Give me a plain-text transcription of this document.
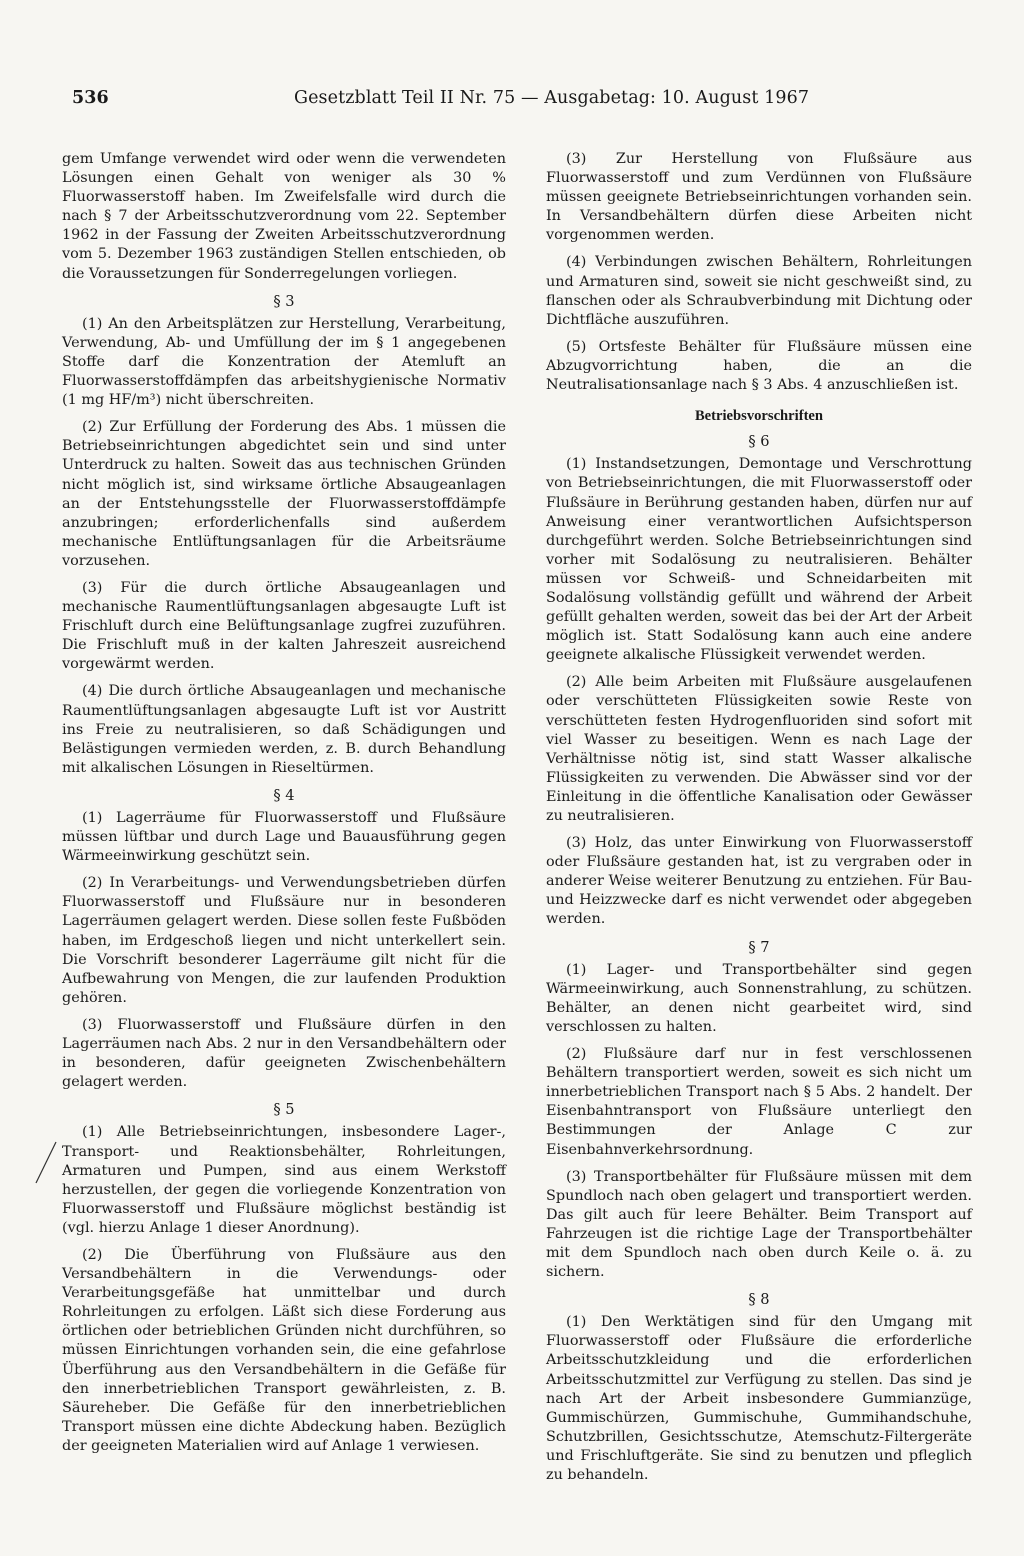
536	Gesetzblatt Teil II Nr. 75 — Ausgabetag: 10. August 1967

gem Umfange verwendet wird oder wenn die verwendeten Lösungen einen Gehalt von weniger als 30 % Fluorwasserstoff haben. Im Zweifelsfalle wird durch die nach § 7 der Arbeitsschutzverordnung vom 22. September 1962 in der Fassung der Zweiten Arbeitsschutzverordnung vom 5. Dezember 1963 zuständigen Stellen entschieden, ob die Voraussetzungen für Sonderregelungen vorliegen.

§ 3

(1) An den Arbeitsplätzen zur Herstellung, Verarbeitung, Verwendung, Ab- und Umfüllung der im § 1 angegebenen Stoffe darf die Konzentration der Atemluft an Fluorwasserstoffdämpfen das arbeitshygienische Normativ (1 mg HF/m³) nicht überschreiten.

(2) Zur Erfüllung der Forderung des Abs. 1 müssen die Betriebseinrichtungen abgedichtet sein und sind unter Unterdruck zu halten. Soweit das aus technischen Gründen nicht möglich ist, sind wirksame örtliche Absaugeanlagen an der Entstehungsstelle der Fluorwasserstoffdämpfe anzubringen; erforderlichenfalls sind außerdem mechanische Entlüftungsanlagen für die Arbeitsräume vorzusehen.

(3) Für die durch örtliche Absaugeanlagen und mechanische Raumentlüftungsanlagen abgesaugte Luft ist Frischluft durch eine Belüftungsanlage zugfrei zuzuführen. Die Frischluft muß in der kalten Jahreszeit ausreichend vorgewärmt werden.

(4) Die durch örtliche Absaugeanlagen und mechanische Raumentlüftungsanlagen abgesaugte Luft ist vor Austritt ins Freie zu neutralisieren, so daß Schädigungen und Belästigungen vermieden werden, z. B. durch Behandlung mit alkalischen Lösungen in Rieseltürmen.

§ 4

(1) Lagerräume für Fluorwasserstoff und Flußsäure müssen lüftbar und durch Lage und Bauausführung gegen Wärmeeinwirkung geschützt sein.

(2) In Verarbeitungs- und Verwendungsbetrieben dürfen Fluorwasserstoff und Flußsäure nur in besonderen Lagerräumen gelagert werden. Diese sollen feste Fußböden haben, im Erdgeschoß liegen und nicht unterkellert sein. Die Vorschrift besonderer Lagerräume gilt nicht für die Aufbewahrung von Mengen, die zur laufenden Produktion gehören.

(3) Fluorwasserstoff und Flußsäure dürfen in den Lagerräumen nach Abs. 2 nur in den Versandbehältern oder in besonderen, dafür geeigneten Zwischenbehältern gelagert werden.

§ 5

(1) Alle Betriebseinrichtungen, insbesondere Lager-, Transport- und Reaktionsbehälter, Rohrleitungen, Armaturen und Pumpen, sind aus einem Werkstoff herzustellen, der gegen die vorliegende Konzentration von Fluorwasserstoff und Flußsäure möglichst beständig ist (vgl. hierzu Anlage 1 dieser Anordnung).

(2) Die Überführung von Flußsäure aus den Versandbehältern in die Verwendungs- oder Verarbeitungsgefäße hat unmittelbar und durch Rohrleitungen zu erfolgen. Läßt sich diese Forderung aus örtlichen oder betrieblichen Gründen nicht durchführen, so müssen Einrichtungen vorhanden sein, die eine gefahrlose Überführung aus den Versandbehältern in die Gefäße für den innerbetrieblichen Transport gewährleisten, z. B. Säureheber. Die Gefäße für den innerbetrieblichen Transport müssen eine dichte Abdeckung haben. Bezüglich der geeigneten Materialien wird auf Anlage 1 verwiesen.

(3) Zur Herstellung von Flußsäure aus Fluorwasserstoff und zum Verdünnen von Flußsäure müssen geeignete Betriebseinrichtungen vorhanden sein. In Versandbehältern dürfen diese Arbeiten nicht vorgenommen werden.

(4) Verbindungen zwischen Behältern, Rohrleitungen und Armaturen sind, soweit sie nicht geschweißt sind, zu flanschen oder als Schraubverbindung mit Dichtung oder Dichtfläche auszuführen.

(5) Ortsfeste Behälter für Flußsäure müssen eine Abzugvorrichtung haben, die an die Neutralisationsanlage nach § 3 Abs. 4 anzuschließen ist.

Betriebsvorschriften
§ 6

(1) Instandsetzungen, Demontage und Verschrottung von Betriebseinrichtungen, die mit Fluorwasserstoff oder Flußsäure in Berührung gestanden haben, dürfen nur auf Anweisung einer verantwortlichen Aufsichtsperson durchgeführt werden. Solche Betriebseinrichtungen sind vorher mit Sodalösung zu neutralisieren. Behälter müssen vor Schweiß- und Schneidarbeiten mit Sodalösung vollständig gefüllt und während der Arbeit gefüllt gehalten werden, soweit das bei der Art der Arbeit möglich ist. Statt Sodalösung kann auch eine andere geeignete alkalische Flüssigkeit verwendet werden.

(2) Alle beim Arbeiten mit Flußsäure ausgelaufenen oder verschütteten Flüssigkeiten sowie Reste von verschütteten festen Hydrogenfluoriden sind sofort mit viel Wasser zu beseitigen. Wenn es nach Lage der Verhältnisse nötig ist, sind statt Wasser alkalische Flüssigkeiten zu verwenden. Die Abwässer sind vor der Einleitung in die öffentliche Kanalisation oder Gewässer zu neutralisieren.

(3) Holz, das unter Einwirkung von Fluorwasserstoff oder Flußsäure gestanden hat, ist zu vergraben oder in anderer Weise weiterer Benutzung zu entziehen. Für Bau- und Heizzwecke darf es nicht verwendet oder abgegeben werden.

§ 7

(1) Lager- und Transportbehälter sind gegen Wärmeeinwirkung, auch Sonnenstrahlung, zu schützen. Behälter, an denen nicht gearbeitet wird, sind verschlossen zu halten.

(2) Flußsäure darf nur in fest verschlossenen Behältern transportiert werden, soweit es sich nicht um innerbetrieblichen Transport nach § 5 Abs. 2 handelt. Der Eisenbahntransport von Flußsäure unterliegt den Bestimmungen der Anlage C zur Eisenbahnverkehrsordnung.

(3) Transportbehälter für Flußsäure müssen mit dem Spundloch nach oben gelagert und transportiert werden. Das gilt auch für leere Behälter. Beim Transport auf Fahrzeugen ist die richtige Lage der Transportbehälter mit dem Spundloch nach oben durch Keile o. ä. zu sichern.

§ 8

(1) Den Werktätigen sind für den Umgang mit Fluorwasserstoff oder Flußsäure die erforderliche Arbeitsschutzkleidung und die erforderlichen Arbeitsschutzmittel zur Verfügung zu stellen. Das sind je nach Art der Arbeit insbesondere Gummianzüge, Gummischürzen, Gummischuhe, Gummihandschuhe, Schutzbrillen, Gesichtsschutze, Atemschutz-Filtergeräte und Frischluftgeräte. Sie sind zu benutzen und pfleglich zu behandeln.
